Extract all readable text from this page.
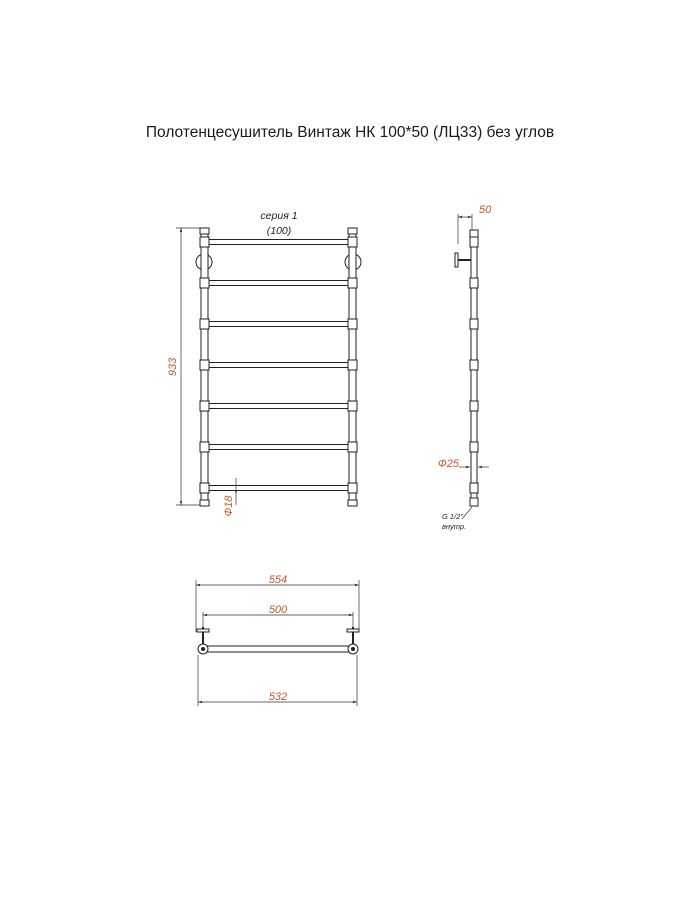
Полотенцесушитель Винтаж НК 100*50 (ЛЦ33) без углов
серия 1
(100)
933
Ф18
50
Ф25
G 1/2"
внутр.
554
500
532
